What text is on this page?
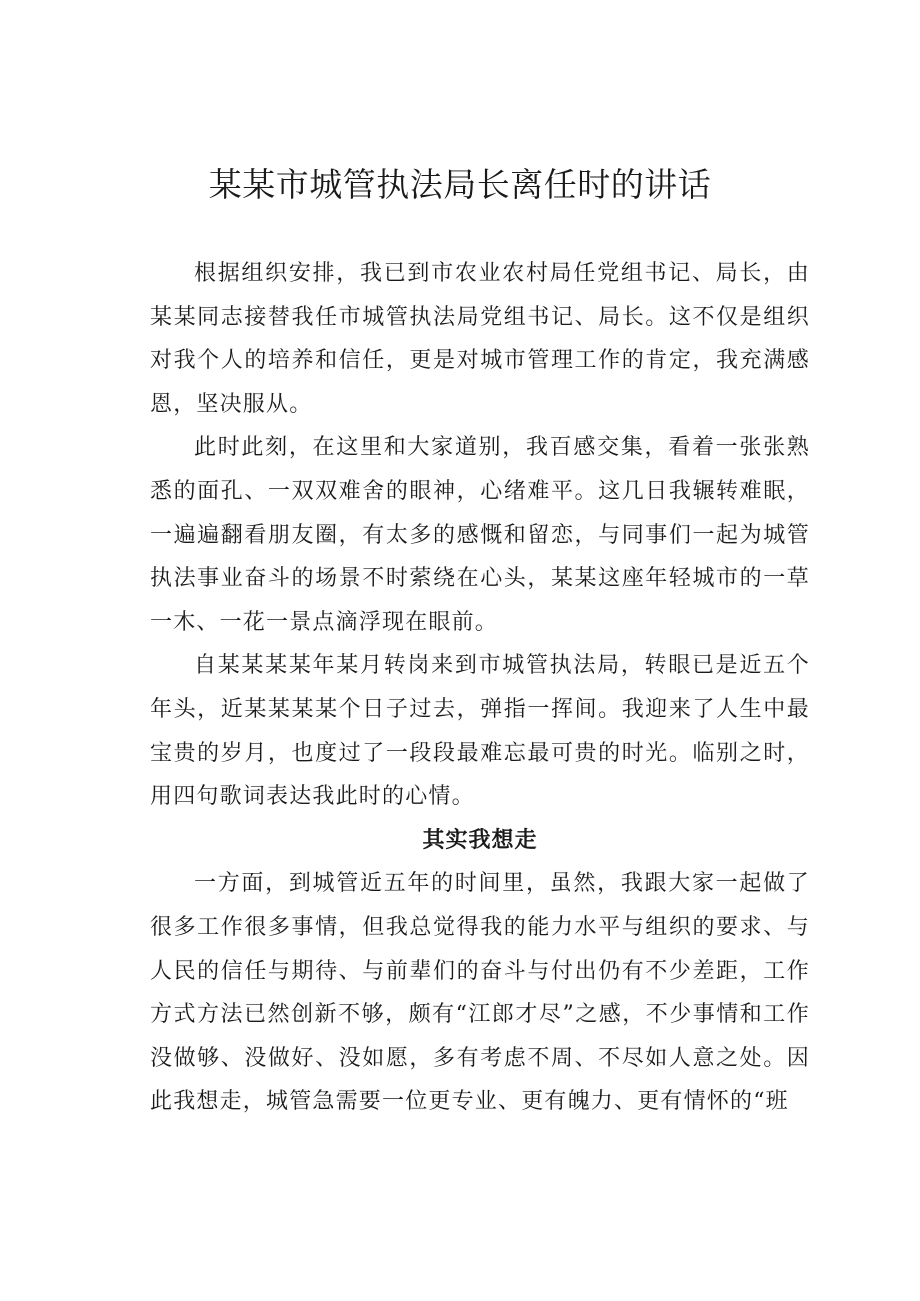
某某市城管执法局长离任时的讲话

根据组织安排，我已到市农业农村局任党组书记、局长，由某某同志接替我任市城管执法局党组书记、局长。这不仅是组织对我个人的培养和信任，更是对城市管理工作的肯定，我充满感恩，坚决服从。

此时此刻，在这里和大家道别，我百感交集，看着一张张熟悉的面孔、一双双难舍的眼神，心绪难平。这几日我辗转难眠，一遍遍翻看朋友圈，有太多的感慨和留恋，与同事们一起为城管执法事业奋斗的场景不时萦绕在心头，某某这座年轻城市的一草一木、一花一景点滴浮现在眼前。

自某某某某年某月转岗来到市城管执法局，转眼已是近五个年头，近某某某某个日子过去，弹指一挥间。我迎来了人生中最宝贵的岁月，也度过了一段段最难忘最可贵的时光。临别之时，用四句歌词表达我此时的心情。

其实我想走

一方面，到城管近五年的时间里，虽然，我跟大家一起做了很多工作很多事情，但我总觉得我的能力水平与组织的要求、与人民的信任与期待、与前辈们的奋斗与付出仍有不少差距，工作方式方法已然创新不够，颇有“江郎才尽”之感，不少事情和工作没做够、没做好、没如愿，多有考虑不周、不尽如人意之处。因此我想走，城管急需要一位更专业、更有魄力、更有情怀的“班
